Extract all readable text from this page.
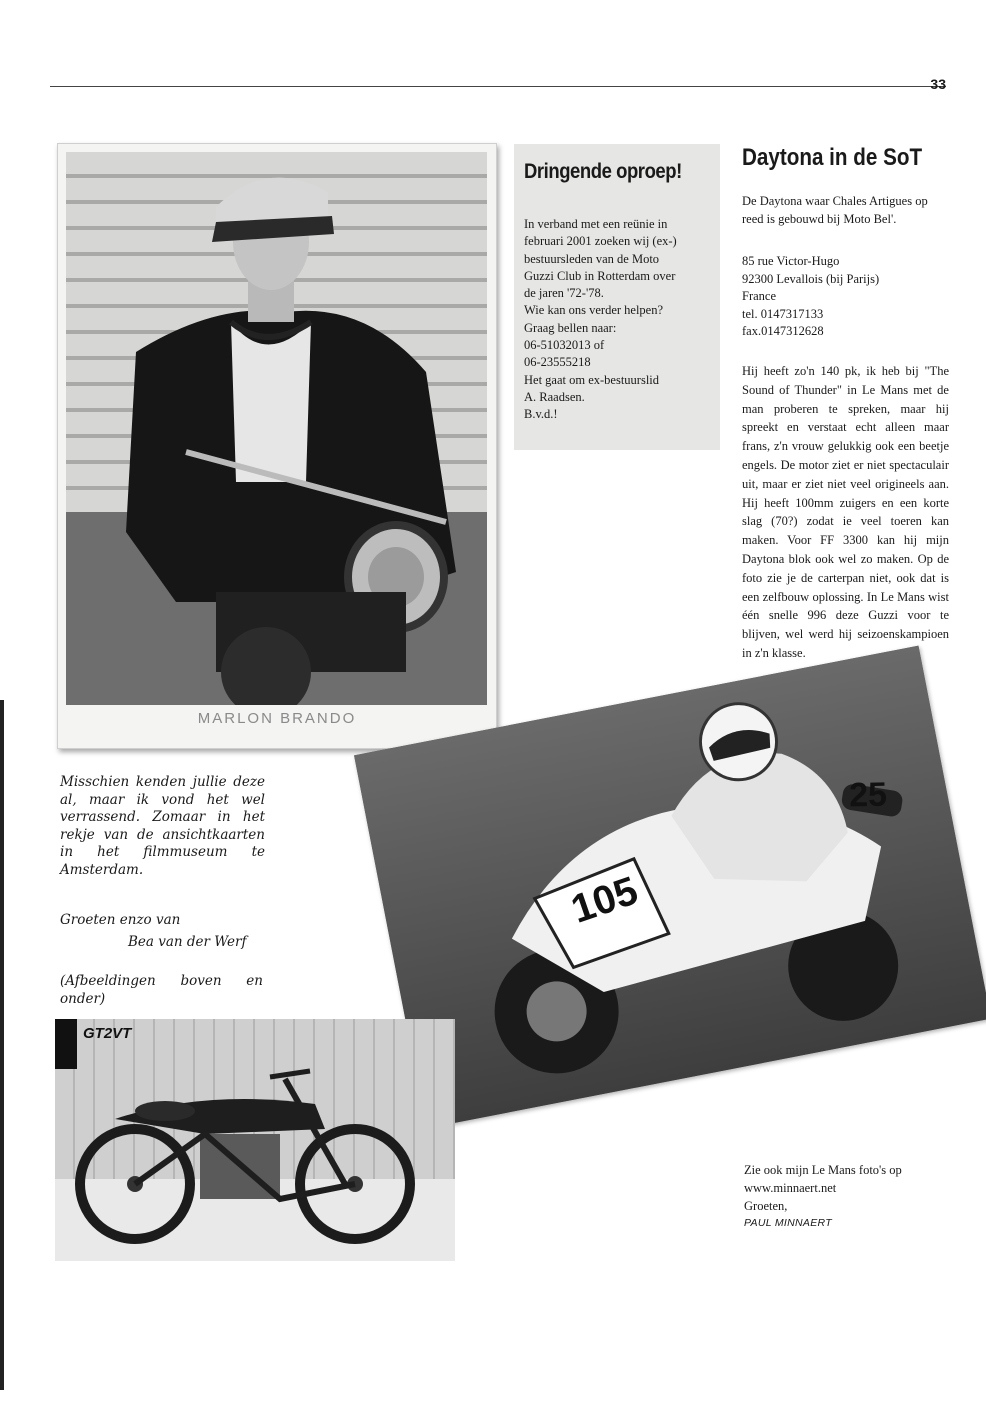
33
MARLON BRANDO
Dringende oproep!
In verband met een reünie in
februari 2001 zoeken wij (ex-)
bestuursleden van de Moto
Guzzi Club in Rotterdam over
de jaren '72-'78.
Wie kan ons verder helpen?
Graag bellen naar:
06-51032013 of
06-23555218
Het gaat om ex-bestuurslid
A. Raadsen.
B.v.d.!
Daytona in de SoT
De Daytona waar Chales Artigues op reed is gebouwd bij Moto Bel'.
85 rue Victor-Hugo
92300 Levallois (bij Parijs)
France
tel. 0147317133
fax.0147312628
105
25
Hij heeft zo'n 140 pk, ik heb bij "The Sound of Thunder" in Le Mans met de man proberen te spreken, maar hij spreekt en verstaat echt alleen maar frans, z'n vrouw gelukkig ook een beetje engels. De motor ziet er niet spectaculair uit, maar er ziet niet veel origineels aan. Hij heeft 100mm zuigers en een korte slag (70?) zodat ie veel toeren kan maken. Voor FF 3300 kan hij mijn Daytona blok ook wel zo maken. Op de foto zie je de carterpan niet, ook dat is een zelfbouw oplossing. In Le Mans wist één snelle 996 deze Guzzi voor te blijven, wel werd hij seizoenskampioen in z'n klasse.
Misschien kenden jullie deze al, maar ik vond het wel verrassend. Zomaar in het rekje van de ansichtkaarten in het filmmuseum te Amsterdam.
Groeten enzo van
Bea van der Werf
(Afbeeldingen boven en onder)
GT2VT
Zie ook mijn Le Mans foto's op
www.minnaert.net
Groeten,
PAUL MINNAERT
